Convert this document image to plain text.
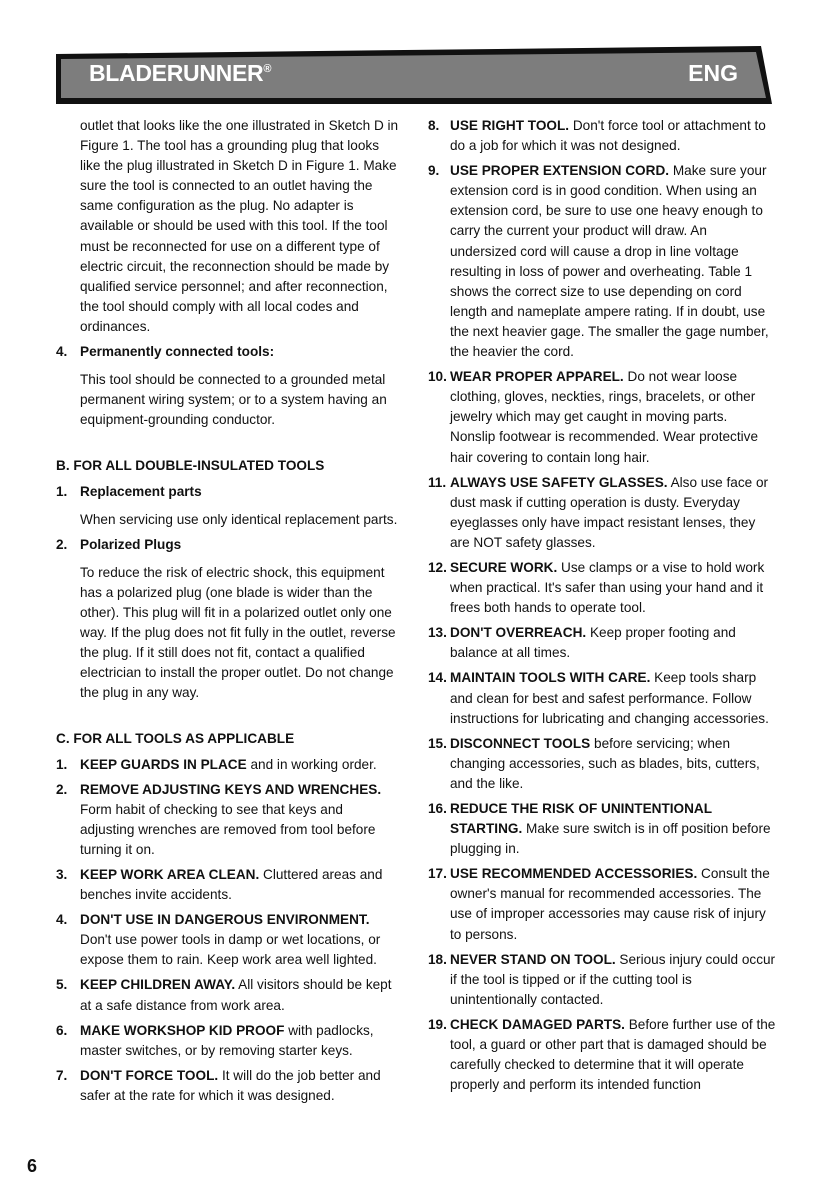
BLADERUNNER®	ENG

outlet that looks like the one illustrated in Sketch D in Figure 1. The tool has a grounding plug that looks like the plug illustrated in Sketch D in Figure 1. Make sure the tool is connected to an outlet having the same configuration as the plug. No adapter is available or should be used with this tool. If the tool must be reconnected for use on a different type of electric circuit, the reconnection should be made by qualified service personnel; and after reconnection, the tool should comply with all local codes and ordinances.

4. Permanently connected tools:

This tool should be connected to a grounded metal permanent wiring system; or to a system having an equipment-grounding conductor.

B. FOR ALL DOUBLE-INSULATED TOOLS
1. Replacement parts

When servicing use only identical replacement parts.

2. Polarized Plugs

To reduce the risk of electric shock, this equipment has a polarized plug (one blade is wider than the other). This plug will fit in a polarized outlet only one way. If the plug does not fit fully in the outlet, reverse the plug. If it still does not fit, contact a qualified electrician to install the proper outlet. Do not change the plug in any way.

C. FOR ALL TOOLS AS APPLICABLE
1. KEEP GUARDS IN PLACE and in working order.
2. REMOVE ADJUSTING KEYS AND WRENCHES. Form habit of checking to see that keys and adjusting wrenches are removed from tool before turning it on.
3. KEEP WORK AREA CLEAN. Cluttered areas and benches invite accidents.
4. DON'T USE IN DANGEROUS ENVIRONMENT. Don't use power tools in damp or wet locations, or expose them to rain. Keep work area well lighted.
5. KEEP CHILDREN AWAY. All visitors should be kept at a safe distance from work area.
6. MAKE WORKSHOP KID PROOF with padlocks, master switches, or by removing starter keys.
7. DON'T FORCE TOOL. It will do the job better and safer at the rate for which it was designed.
8. USE RIGHT TOOL. Don't force tool or attachment to do a job for which it was not designed.
9. USE PROPER EXTENSION CORD. Make sure your extension cord is in good condition. When using an extension cord, be sure to use one heavy enough to carry the current your product will draw. An undersized cord will cause a drop in line voltage resulting in loss of power and overheating. Table 1 shows the correct size to use depending on cord length and nameplate ampere rating. If in doubt, use the next heavier gage. The smaller the gage number, the heavier the cord.
10. WEAR PROPER APPAREL. Do not wear loose clothing, gloves, neckties, rings, bracelets, or other jewelry which may get caught in moving parts. Nonslip footwear is recommended. Wear protective hair covering to contain long hair.
11. ALWAYS USE SAFETY GLASSES. Also use face or dust mask if cutting operation is dusty. Everyday eyeglasses only have impact resistant lenses, they are NOT safety glasses.
12. SECURE WORK. Use clamps or a vise to hold work when practical. It's safer than using your hand and it frees both hands to operate tool.
13. DON'T OVERREACH. Keep proper footing and balance at all times.
14. MAINTAIN TOOLS WITH CARE. Keep tools sharp and clean for best and safest performance. Follow instructions for lubricating and changing accessories.
15. DISCONNECT TOOLS before servicing; when changing accessories, such as blades, bits, cutters, and the like.
16. REDUCE THE RISK OF UNINTENTIONAL STARTING. Make sure switch is in off position before plugging in.
17. USE RECOMMENDED ACCESSORIES. Consult the owner's manual for recommended accessories. The use of improper accessories may cause risk of injury to persons.
18. NEVER STAND ON TOOL. Serious injury could occur if the tool is tipped or if the cutting tool is unintentionally contacted.
19. CHECK DAMAGED PARTS. Before further use of the tool, a guard or other part that is damaged should be carefully checked to determine that it will operate properly and perform its intended function
6
